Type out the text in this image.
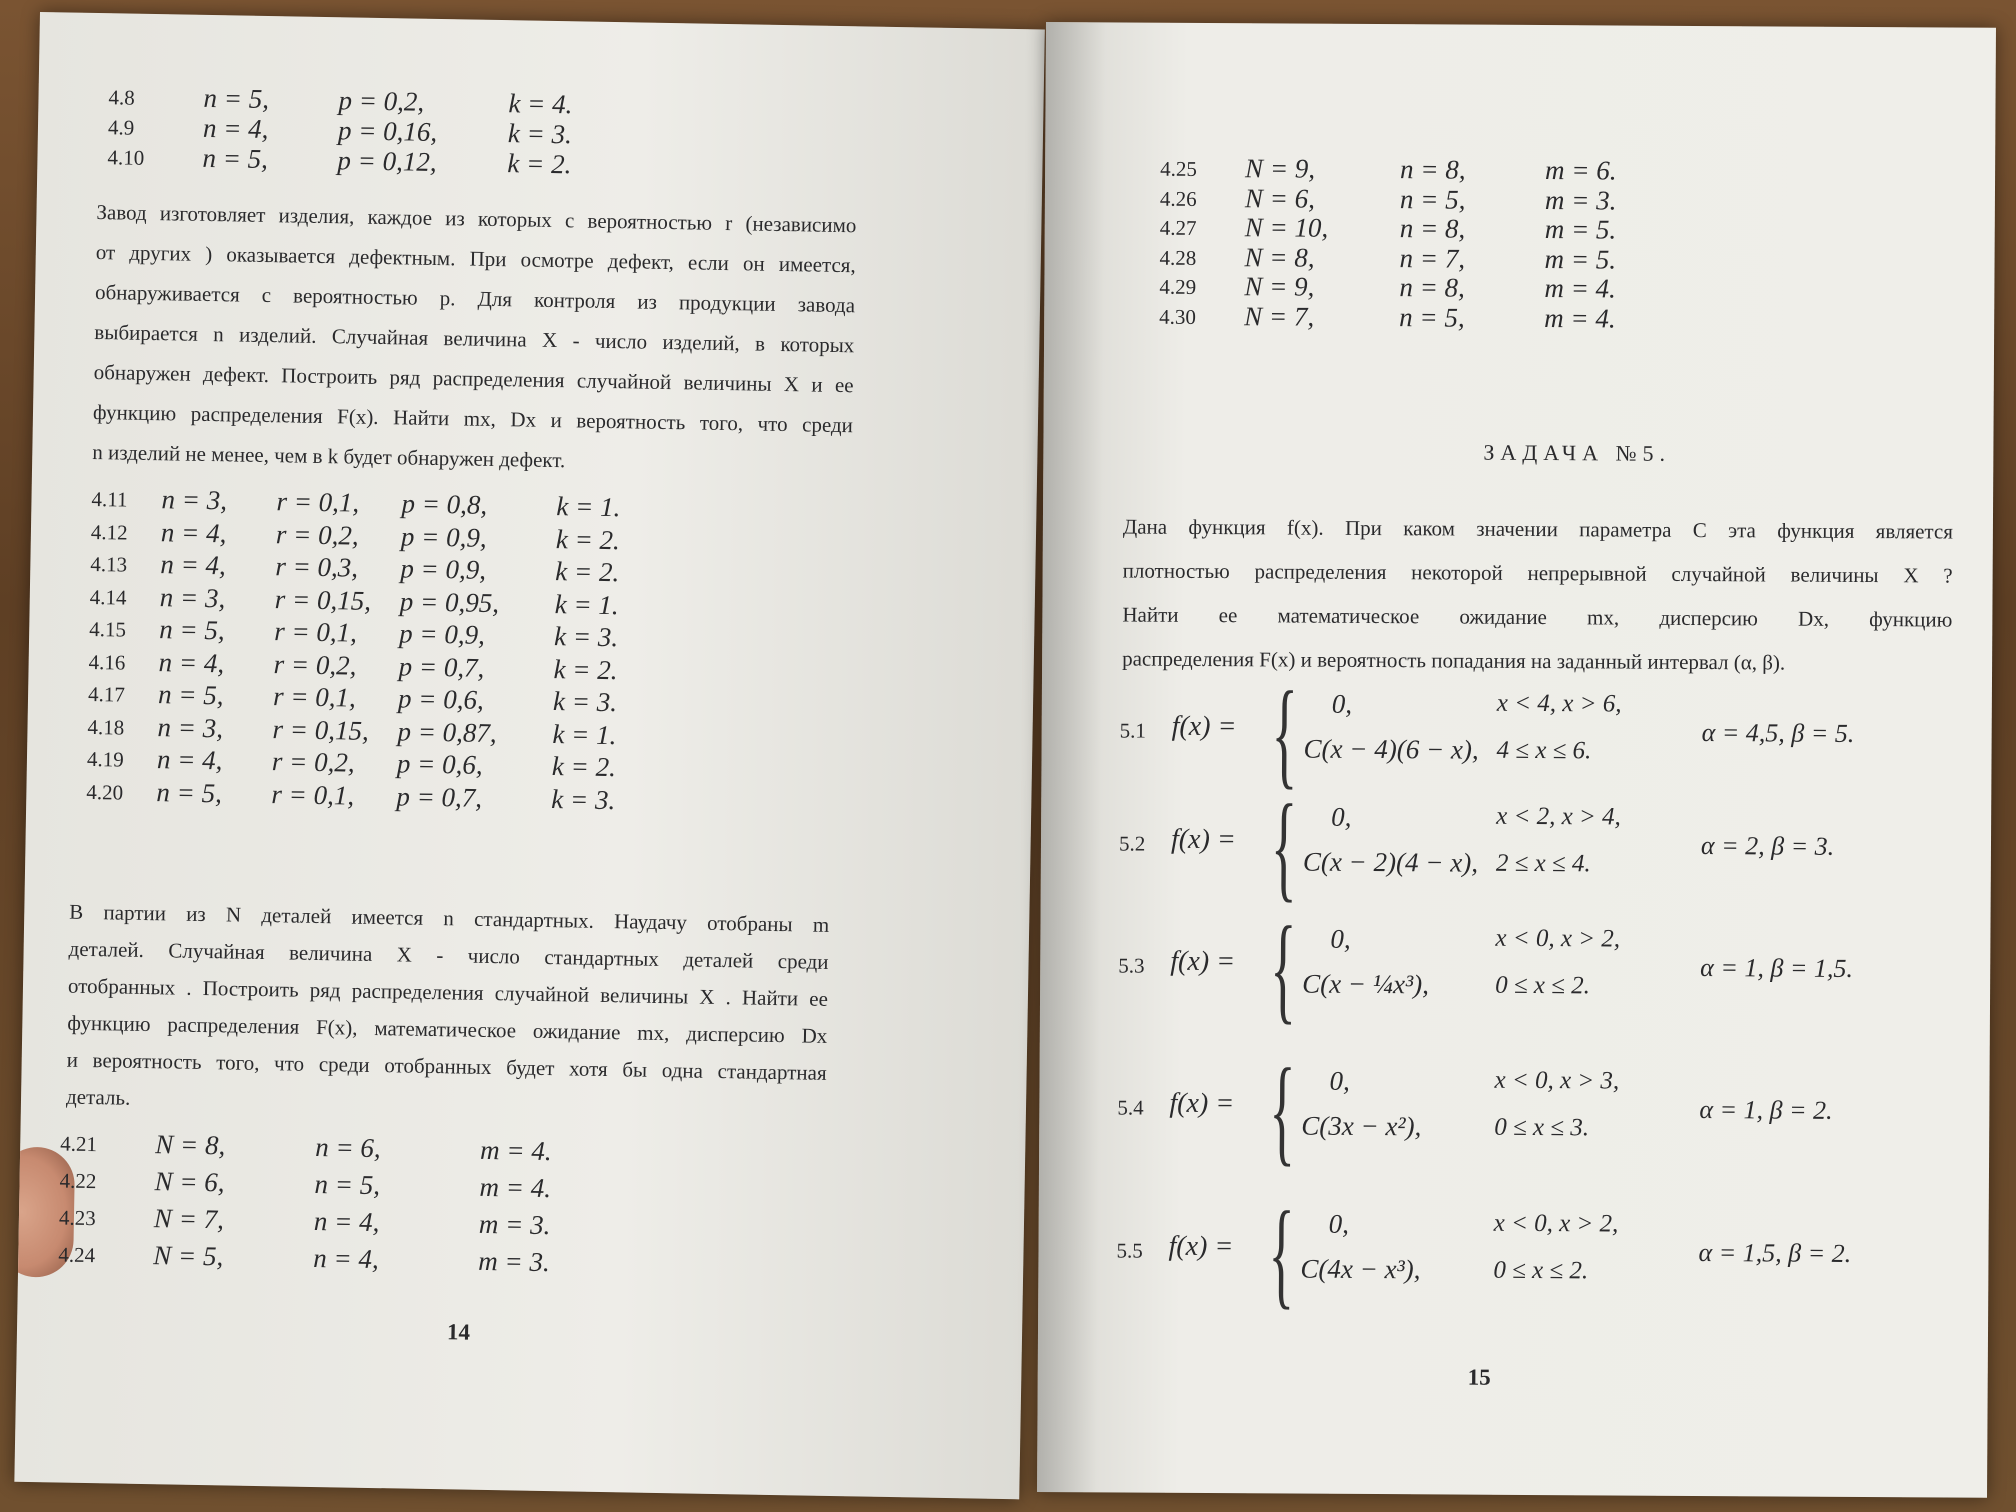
4.8	n = 5,	p = 0,2,	k = 4.
4.9	n = 4,	p = 0,16,	k = 3.
4.10 n = 5,	p = 0,12,	k = 2.
Завод изготовляет изделия, каждое из которых с вероятностью r (независимо
от других ) оказывается дефектным. При осмотре дефект, если он имеется,
обнаруживается с вероятностью p. Для контроля из продукции завода
выбирается n изделий. Случайная величина X - число изделий, в которых
обнаружен дефект. Построить ряд распределения случайной величины X и ее
функцию распределения F(x). Найти mx, Dx и вероятность того, что среди
n изделий не менее, чем в k будет обнаружен дефект.
4.11 n = 3, r = 0,1, p = 0,8,	k = 1.
4.12 n = 4, r = 0,2, p = 0,9,	k = 2.
4.13 n = 4, r = 0,3, p = 0,9,	k = 2.
4.14 n = 3, r = 0,15, p = 0,95, k = 1.
4.15 n = 5, r = 0,1, p = 0,9,	k = 3.
4.16 n = 4, r = 0,2, p = 0,7,	k = 2.
4.17 n = 5, r = 0,1, p = 0,6,	k = 3.
4.18 n = 3, r = 0,15, p = 0,87, k = 1.
4.19 n = 4, r = 0,2, p = 0,6,	k = 2.
4.20 n = 5, r = 0,1, p = 0,7,	k = 3.
В партии из N деталей имеется n стандартных. Наудачу отобраны m
деталей. Случайная величина X - число стандартных деталей среди
отобранных . Построить ряд распределения случайной величины X . Найти ее
функцию распределения F(x), математическое ожидание mx, дисперсию Dx
и вероятность того, что среди отобранных будет хотя бы одна стандартная
деталь.
4.21 N = 8,	n = 6,	m = 4.
4.22 N = 6,	n = 5,	m = 4.
4.23 N = 7,	n = 4,	m = 3.
4.24 N = 5,	n = 4,	m = 3.
14
4.25 N = 9,	n = 8,	m = 6.
4.26 N = 6,	n = 5,	m = 3.
4.27 N = 10,	n = 8,	m = 5.
4.28 N = 8,	n = 7,	m = 5.
4.29 N = 9,	n = 8,	m = 4.
4.30 N = 7,	n = 5,	m = 4.
ЗАДАЧА №5.
Дана функция f(x). При каком значении параметра C эта функция является
плотностью распределения некоторой непрерывной случайной величины X ?
Найти ее математическое ожидание mx, дисперсию Dx, функцию
распределения F(x) и вероятность попадания на заданный интервал (α, β).
5.1 f(x) = { 0,	x < 4, x > 6,
C(x − 4)(6 − x), 4 ≤ x ≤ 6.
α = 4,5, β = 5.
5.2 f(x) = { 0,	x < 2, x > 4,
C(x − 2)(4 − x), 2 ≤ x ≤ 4.
α = 2, β = 3.
5.3 f(x) = { 0,	x < 0, x > 2,
C(x − ¼x³),	0 ≤ x ≤ 2.
α = 1, β = 1,5.
5.4 f(x) = { 0,	x < 0, x > 3,
C(3x − x²),	0 ≤ x ≤ 3.
α = 1, β = 2.
5.5 f(x) = { 0,	x < 0, x > 2,
C(4x − x³),	0 ≤ x ≤ 2.
α = 1,5, β = 2.
15
